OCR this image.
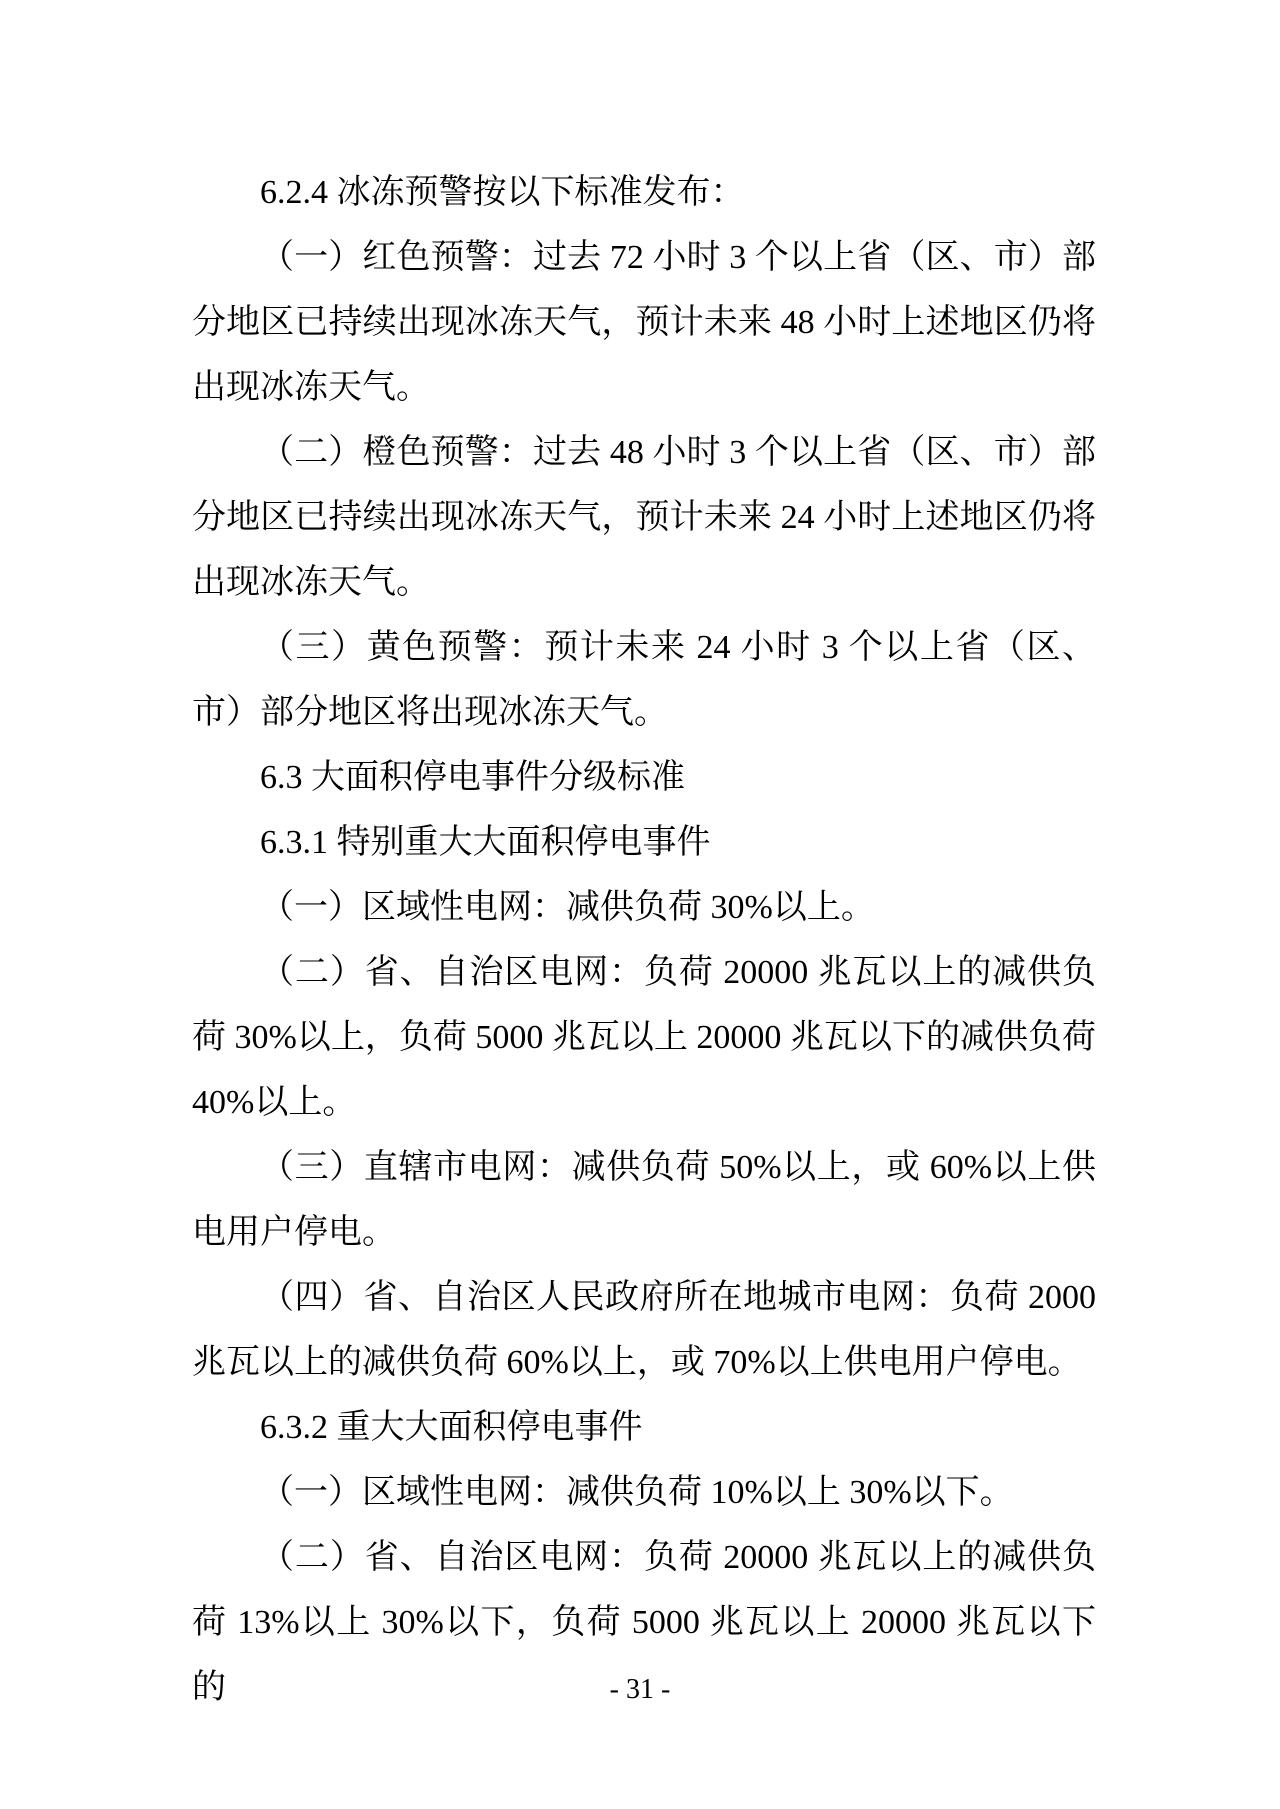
6.2.4 冰冻预警按以下标准发布：

（一）红色预警：过去 72 小时 3 个以上省（区、市）部分地区已持续出现冰冻天气，预计未来 48 小时上述地区仍将出现冰冻天气。

（二）橙色预警：过去 48 小时 3 个以上省（区、市）部分地区已持续出现冰冻天气，预计未来 24 小时上述地区仍将出现冰冻天气。

（三）黄色预警：预计未来 24 小时 3 个以上省（区、市）部分地区将出现冰冻天气。

6.3 大面积停电事件分级标准

6.3.1 特别重大大面积停电事件

（一）区域性电网：减供负荷 30%以上。

（二）省、自治区电网：负荷 20000 兆瓦以上的减供负荷 30%以上，负荷 5000 兆瓦以上 20000 兆瓦以下的减供负荷 40%以上。

（三）直辖市电网：减供负荷 50%以上，或 60%以上供电用户停电。

（四）省、自治区人民政府所在地城市电网：负荷 2000 兆瓦以上的减供负荷 60%以上，或 70%以上供电用户停电。

6.3.2 重大大面积停电事件

（一）区域性电网：减供负荷 10%以上 30%以下。

（二）省、自治区电网：负荷 20000 兆瓦以上的减供负荷 13%以上 30%以下，负荷 5000 兆瓦以上 20000 兆瓦以下的	- 31 -
